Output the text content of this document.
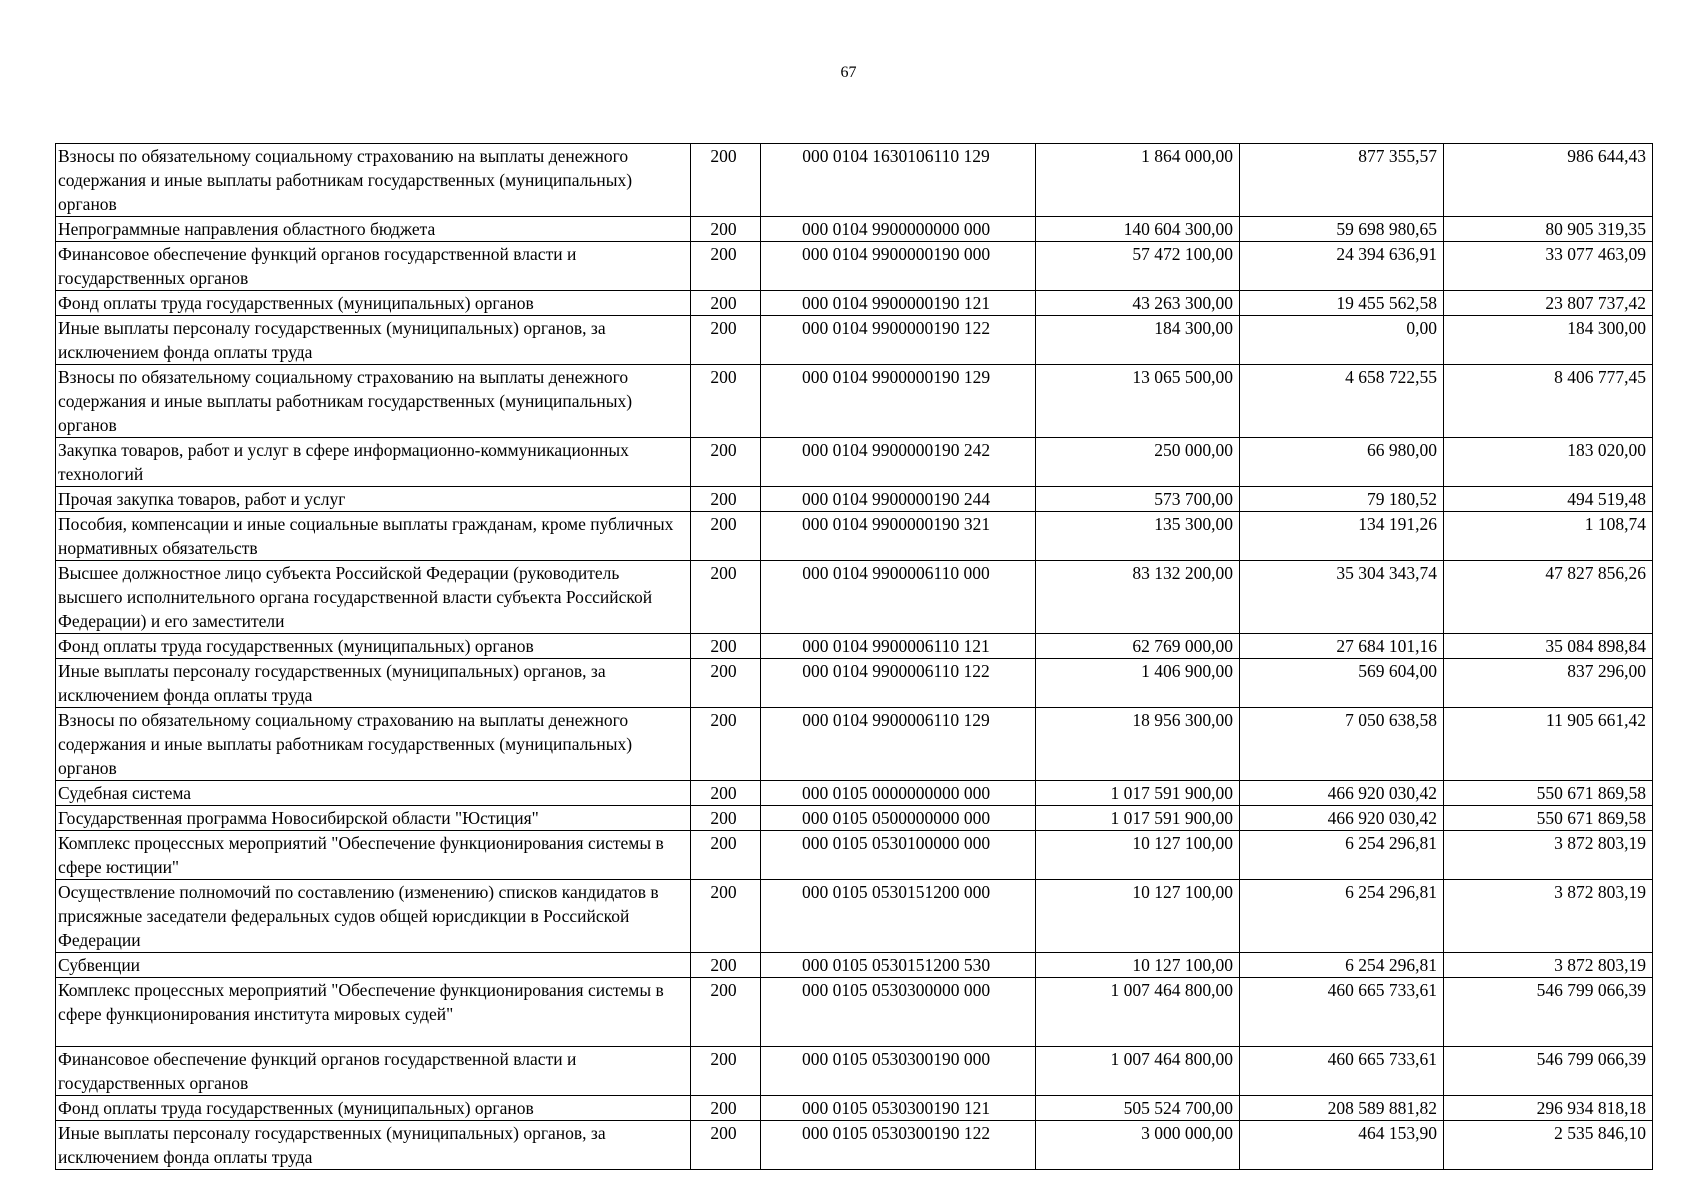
67
Взносы по обязательному социальному страхованию на выплаты денежного содержания и иные выплаты работникам государственных (муниципальных) органов	200	000 0104 1630106110 129	1 864 000,00	877 355,57	986 644,43
Непрограммные направления областного бюджета	200	000 0104 9900000000 000	140 604 300,00	59 698 980,65	80 905 319,35
Финансовое обеспечение функций органов государственной власти и государственных органов	200	000 0104 9900000190 000	57 472 100,00	24 394 636,91	33 077 463,09
Фонд оплаты труда государственных (муниципальных) органов	200	000 0104 9900000190 121	43 263 300,00	19 455 562,58	23 807 737,42
Иные выплаты персоналу государственных (муниципальных) органов, за исключением фонда оплаты труда	200	000 0104 9900000190 122	184 300,00	0,00	184 300,00
Взносы по обязательному социальному страхованию на выплаты денежного содержания и иные выплаты работникам государственных (муниципальных) органов	200	000 0104 9900000190 129	13 065 500,00	4 658 722,55	8 406 777,45
Закупка товаров, работ и услуг в сфере информационно-коммуникационных технологий	200	000 0104 9900000190 242	250 000,00	66 980,00	183 020,00
Прочая закупка товаров, работ и услуг	200	000 0104 9900000190 244	573 700,00	79 180,52	494 519,48
Пособия, компенсации и иные социальные выплаты гражданам, кроме публичных нормативных обязательств	200	000 0104 9900000190 321	135 300,00	134 191,26	1 108,74
Высшее должностное лицо субъекта Российской Федерации (руководитель высшего исполнительного органа государственной власти субъекта Российской Федерации) и его заместители	200	000 0104 9900006110 000	83 132 200,00	35 304 343,74	47 827 856,26
Фонд оплаты труда государственных (муниципальных) органов	200	000 0104 9900006110 121	62 769 000,00	27 684 101,16	35 084 898,84
Иные выплаты персоналу государственных (муниципальных) органов, за исключением фонда оплаты труда	200	000 0104 9900006110 122	1 406 900,00	569 604,00	837 296,00
Взносы по обязательному социальному страхованию на выплаты денежного содержания и иные выплаты работникам государственных (муниципальных) органов	200	000 0104 9900006110 129	18 956 300,00	7 050 638,58	11 905 661,42
Судебная система	200	000 0105 0000000000 000	1 017 591 900,00	466 920 030,42	550 671 869,58
Государственная программа Новосибирской области "Юстиция"	200	000 0105 0500000000 000	1 017 591 900,00	466 920 030,42	550 671 869,58
Комплекс процессных мероприятий "Обеспечение функционирования системы в сфере юстиции"	200	000 0105 0530100000 000	10 127 100,00	6 254 296,81	3 872 803,19
Осуществление полномочий по составлению (изменению) списков кандидатов в присяжные заседатели федеральных судов общей юрисдикции в Российской Федерации	200	000 0105 0530151200 000	10 127 100,00	6 254 296,81	3 872 803,19
Субвенции	200	000 0105 0530151200 530	10 127 100,00	6 254 296,81	3 872 803,19
Комплекс процессных мероприятий "Обеспечение функционирования системы в сфере функционирования института мировых судей"	200	000 0105 0530300000 000	1 007 464 800,00	460 665 733,61	546 799 066,39
Финансовое обеспечение функций органов государственной власти и государственных органов	200	000 0105 0530300190 000	1 007 464 800,00	460 665 733,61	546 799 066,39
Фонд оплаты труда государственных (муниципальных) органов	200	000 0105 0530300190 121	505 524 700,00	208 589 881,82	296 934 818,18
Иные выплаты персоналу государственных (муниципальных) органов, за исключением фонда оплаты труда	200	000 0105 0530300190 122	3 000 000,00	464 153,90	2 535 846,10
